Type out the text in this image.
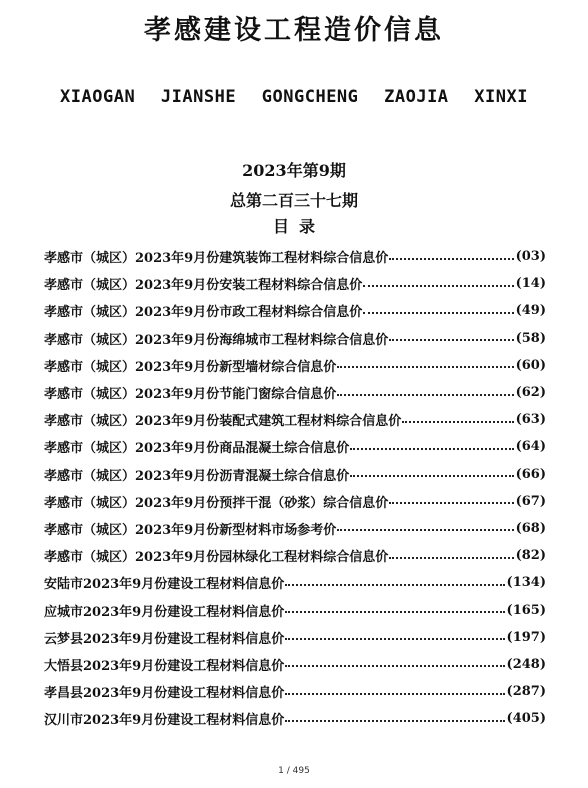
孝感建设工程造价信息
XIAOGAN JIANSHE GONGCHENG ZAOJIA XINXI
2023年第9期
总第二百三十七期
目录
孝感市（城区）2023年9月份建筑装饰工程材料综合信息价	(03)
孝感市（城区）2023年9月份安装工程材料综合信息价	(14)
孝感市（城区）2023年9月份市政工程材料综合信息价	(49)
孝感市（城区）2023年9月份海绵城市工程材料综合信息价	(58)
孝感市（城区）2023年9月份新型墙材综合信息价	(60)
孝感市（城区）2023年9月份节能门窗综合信息价	(62)
孝感市（城区）2023年9月份装配式建筑工程材料综合信息价	(63)
孝感市（城区）2023年9月份商品混凝土综合信息价	(64)
孝感市（城区）2023年9月份沥青混凝土综合信息价	(66)
孝感市（城区）2023年9月份预拌干混（砂浆）综合信息价	(67)
孝感市（城区）2023年9月份新型材料市场参考价	(68)
孝感市（城区）2023年9月份园林绿化工程材料综合信息价	(82)
安陆市2023年9月份建设工程材料信息价	(134)
应城市2023年9月份建设工程材料信息价	(165)
云梦县2023年9月份建设工程材料信息价	(197)
大悟县2023年9月份建设工程材料信息价	(248)
孝昌县2023年9月份建设工程材料信息价	(287)
汉川市2023年9月份建设工程材料信息价	(405)
1 / 495
